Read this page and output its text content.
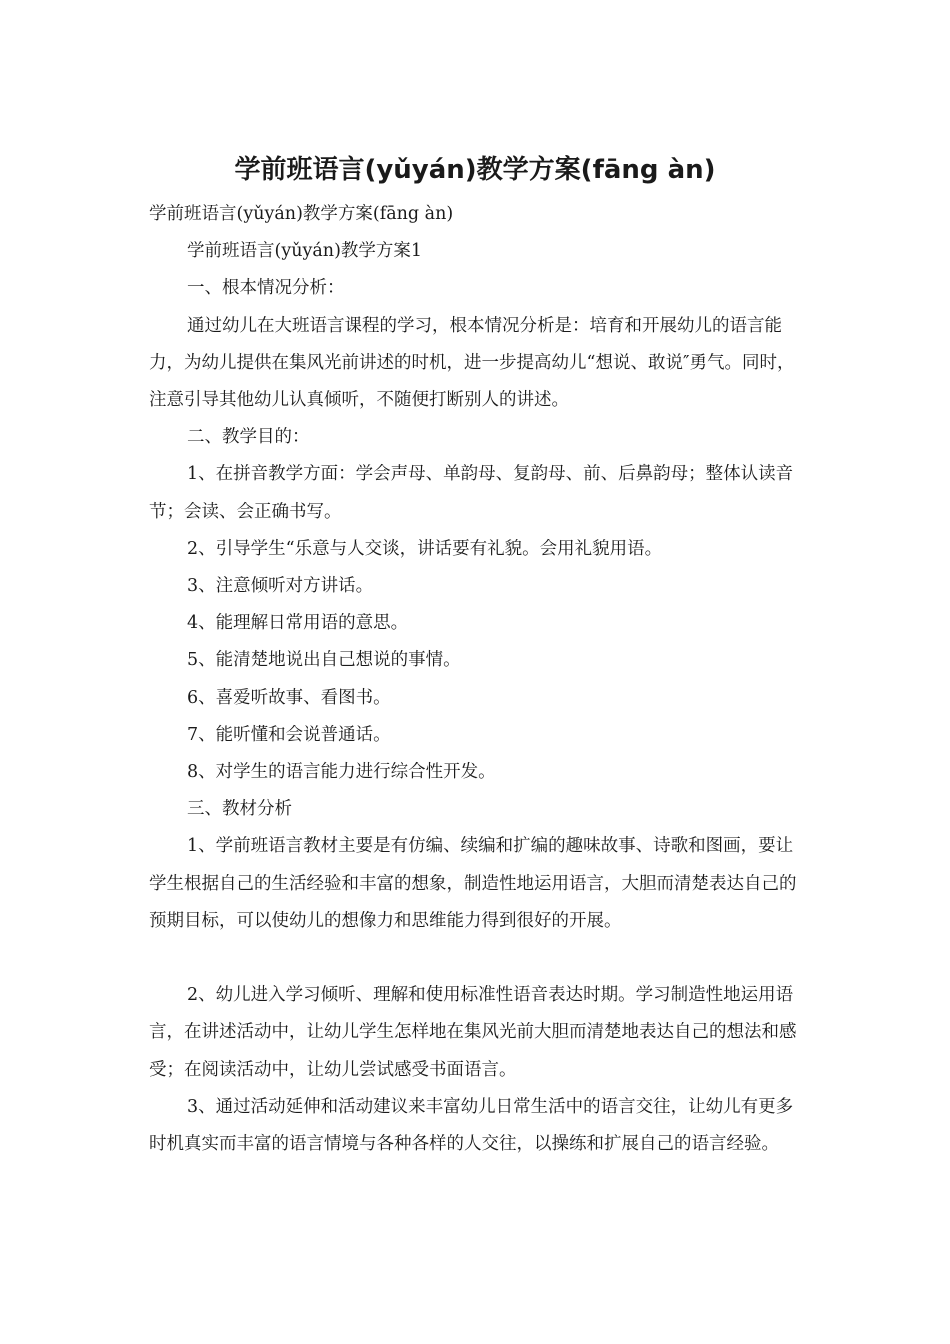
学前班语言(yǔyán)教学方案(fāng àn)

学前班语言(yǔyán)教学方案(fāng àn)

学前班语言(yǔyán)教学方案1

一、根本情况分析：

通过幼儿在大班语言课程的学习，根本情况分析是：培育和开展幼儿的语言能力，为幼儿提供在集风光前讲述的时机，进一步提高幼儿“想说、敢说″勇气。同时，注意引导其他幼儿认真倾听，不随便打断别人的讲述。

二、教学目的：

1、在拼音教学方面：学会声母、单韵母、复韵母、前、后鼻韵母；整体认读音节；会读、会正确书写。

2、引导学生“乐意与人交谈，讲话要有礼貌。会用礼貌用语。

3、注意倾听对方讲话。

4、能理解日常用语的意思。

5、能清楚地说出自己想说的事情。

6、喜爱听故事、看图书。

7、能听懂和会说普通话。

8、对学生的语言能力进行综合性开发。

三、教材分析

1、学前班语言教材主要是有仿编、续编和扩编的趣味故事、诗歌和图画，要让学生根据自己的生活经验和丰富的想象，制造性地运用语言，大胆而清楚表达自己的预期目标，可以使幼儿的想像力和思维能力得到很好的开展。

2、幼儿进入学习倾听、理解和使用标准性语音表达时期。学习制造性地运用语言，在讲述活动中，让幼儿学生怎样地在集风光前大胆而清楚地表达自己的想法和感受；在阅读活动中，让幼儿尝试感受书面语言。

3、通过活动延伸和活动建议来丰富幼儿日常生活中的语言交往，让幼儿有更多时机真实而丰富的语言情境与各种各样的人交往，以操练和扩展自己的语言经验。
